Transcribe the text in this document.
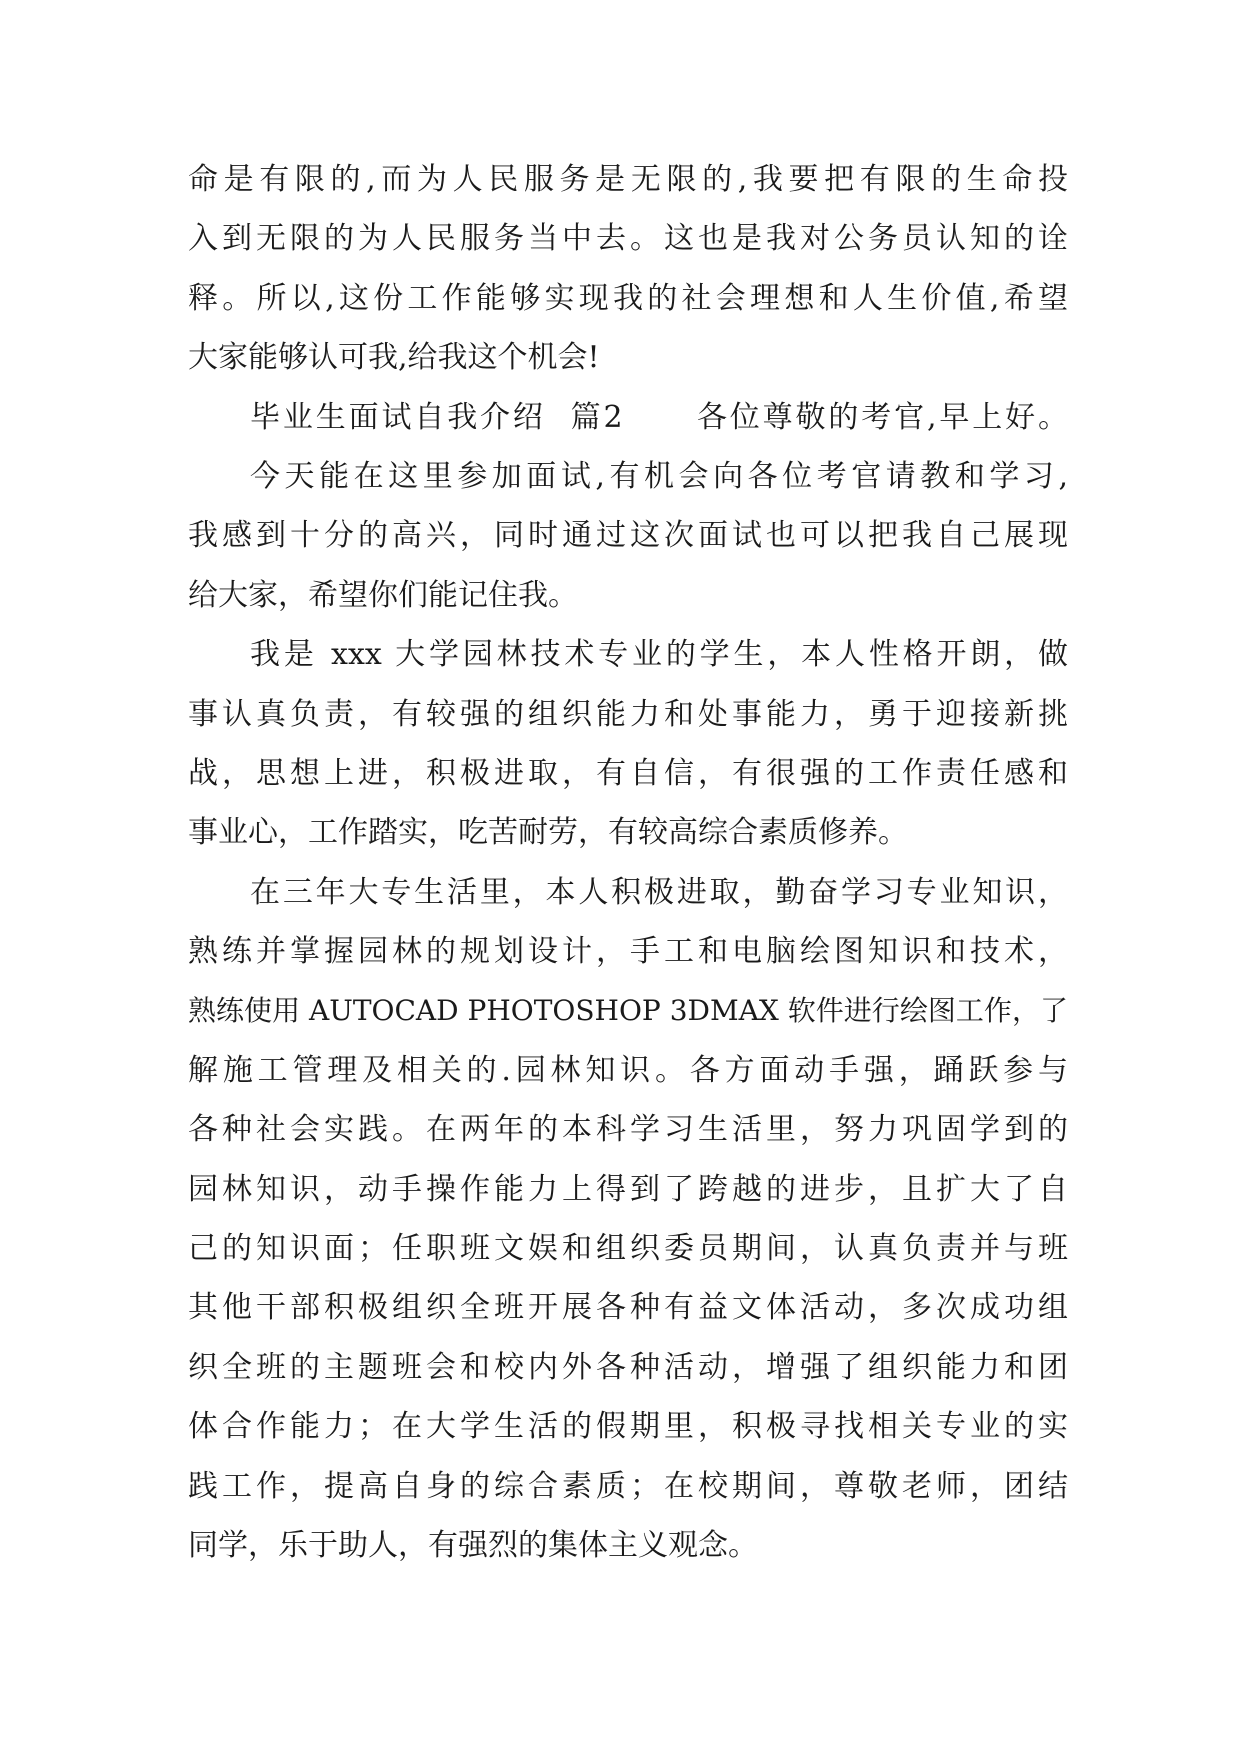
命是有限的,而为人民服务是无限的,我要把有限的生命投
入到无限的为人民服务当中去。这也是我对公务员认知的诠
释。所以,这份工作能够实现我的社会理想和人生价值,希望
大家能够认可我,给我这个机会!
毕业生面试自我介绍  篇2      各位尊敬的考官,早上好。
今天能在这里参加面试,有机会向各位考官请教和学习,
我感到十分的高兴，同时通过这次面试也可以把我自己展现
给大家，希望你们能记住我。
我是 xxx 大学园林技术专业的学生，本人性格开朗，做
事认真负责，有较强的组织能力和处事能力，勇于迎接新挑
战，思想上进，积极进取，有自信，有很强的工作责任感和
事业心，工作踏实，吃苦耐劳，有较高综合素质修养。
在三年大专生活里，本人积极进取，勤奋学习专业知识，
熟练并掌握园林的规划设计，手工和电脑绘图知识和技术，
熟练使用 AUTOCAD PHOTOSHOP 3DMAX 软件进行绘图工作，了
解施工管理及相关的.园林知识。各方面动手强，踊跃参与
各种社会实践。在两年的本科学习生活里，努力巩固学到的
园林知识，动手操作能力上得到了跨越的进步，且扩大了自
己的知识面；任职班文娱和组织委员期间，认真负责并与班
其他干部积极组织全班开展各种有益文体活动，多次成功组
织全班的主题班会和校内外各种活动，增强了组织能力和团
体合作能力；在大学生活的假期里，积极寻找相关专业的实
践工作，提高自身的综合素质；在校期间，尊敬老师，团结
同学，乐于助人，有强烈的集体主义观念。
